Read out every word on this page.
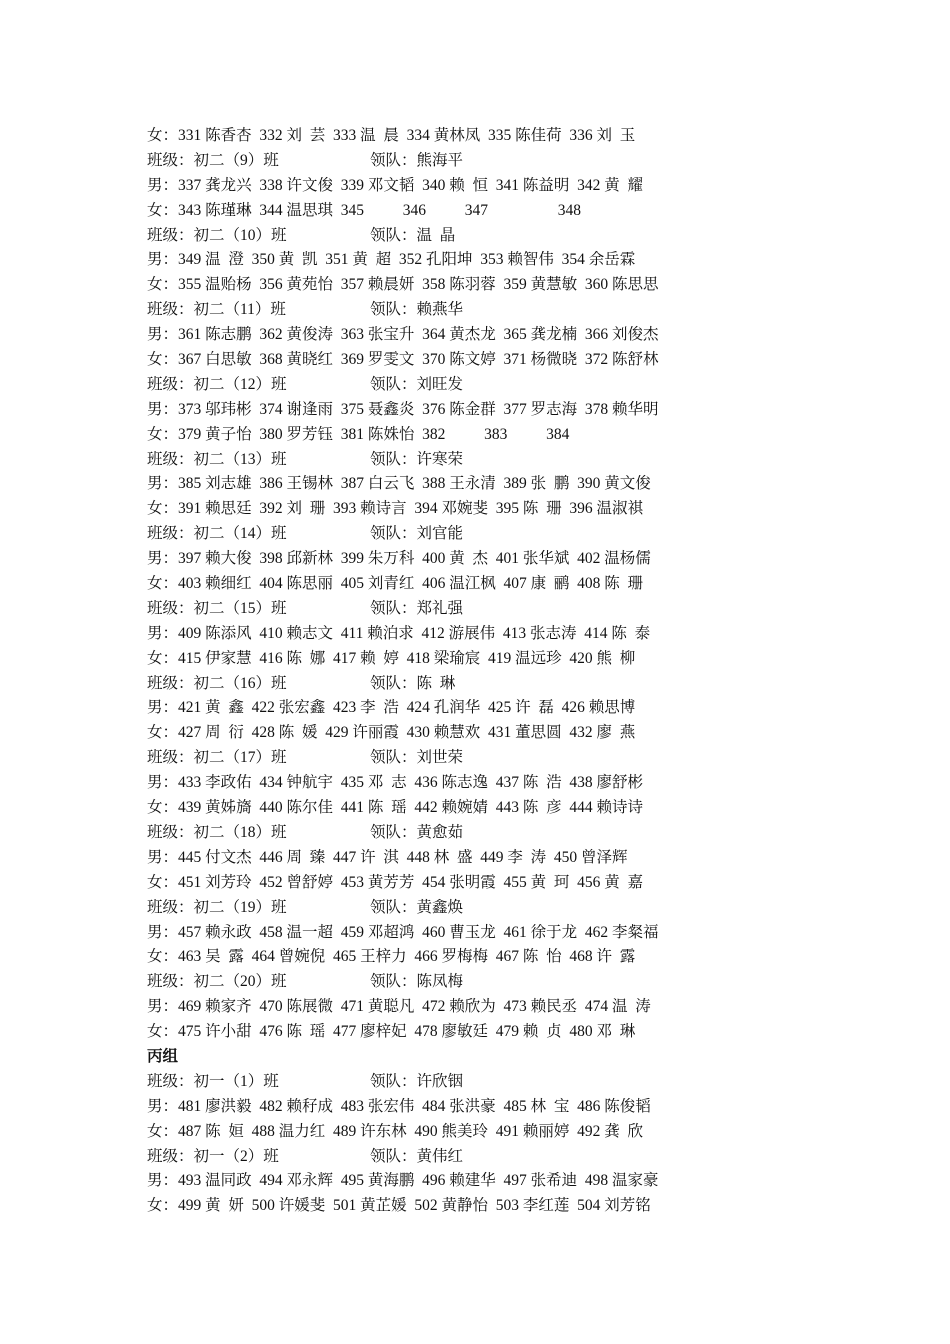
女：331 陈香杏  332 刘  芸  333 温  晨  334 黄林凤  335 陈佳荷  336 刘  玉
班级：初二（9）班	领队：熊海平
男：337 龚龙兴  338 许文俊  339 邓文韬  340 赖  恒  341 陈益明  342 黄  耀
女：343 陈瑾琳  344 温思琪  345          346          347                  348
班级：初二（10）班	领队：温  晶
男：349 温  澄  350 黄  凯  351 黄  超  352 孔阳坤  353 赖智伟  354 余岳霖
女：355 温贻杨  356 黄苑怡  357 赖晨妍  358 陈羽蓉  359 黄慧敏  360 陈思思
班级：初二（11）班	领队：赖燕华
男：361 陈志鹏  362 黄俊涛  363 张宝升  364 黄杰龙  365 龚龙楠  366 刘俊杰
女：367 白思敏  368 黄晓红  369 罗雯文  370 陈文婷  371 杨微晓  372 陈舒林
班级：初二（12）班	领队：刘旺发
男：373 邬玮彬  374 谢逢雨  375 聂鑫炎  376 陈金群  377 罗志海  378 赖华明
女：379 黄子怡  380 罗芳钰  381 陈姝怡  382          383          384
班级：初二（13）班	领队：许寒荣
男：385 刘志雄  386 王锡林  387 白云飞  388 王永清  389 张  鹏  390 黄文俊
女：391 赖思廷  392 刘  珊  393 赖诗言  394 邓婉斐  395 陈  珊  396 温淑祺
班级：初二（14）班	领队：刘官能
男：397 赖大俊  398 邱新林  399 朱万科  400 黄  杰  401 张华斌  402 温杨儒
女：403 赖细红  404 陈思丽  405 刘青红  406 温江枫  407 康  鹂  408 陈  珊
班级：初二（15）班	领队：郑礼强
男：409 陈添风  410 赖志文  411 赖泊求  412 游展伟  413 张志涛  414 陈  泰
女：415 伊家慧  416 陈  娜  417 赖  婷  418 梁瑜宸  419 温远珍  420 熊  柳
班级：初二（16）班	领队：陈  琳
男：421 黄  鑫  422 张宏鑫  423 李  浩  424 孔润华  425 许  磊  426 赖思博
女：427 周  衍  428 陈  媛  429 许丽霞  430 赖慧欢  431 董思圆  432 廖  燕
班级：初二（17）班	领队：刘世荣
男：433 李政佑  434 钟航宇  435 邓  志  436 陈志逸  437 陈  浩  438 廖舒彬
女：439 黄姊旖  440 陈尔佳  441 陈  瑶  442 赖婉婧  443 陈  彦  444 赖诗诗
班级：初二（18）班	领队：黄愈茹
男：445 付文杰  446 周  臻  447 许  淇  448 林  盛  449 李  涛  450 曾泽辉
女：451 刘芳玲  452 曾舒婷  453 黄芳芳  454 张明霞  455 黄  珂  456 黄  嘉
班级：初二（19）班	领队：黄鑫焕
男：457 赖永政  458 温一超  459 邓超鸿  460 曹玉龙  461 徐于龙  462 李粲福
女：463 吴  露  464 曾婉倪  465 王梓力  466 罗梅梅  467 陈  怡  468 许  露
班级：初二（20）班	领队：陈凤梅
男：469 赖家齐  470 陈展微  471 黄聪凡  472 赖欣为  473 赖民丞  474 温  涛
女：475 许小甜  476 陈  瑶  477 廖梓妃  478 廖敏廷  479 赖  贞  480 邓  琳
丙组
班级：初一（1）班	领队：许欣铟
男：481 廖洪毅  482 赖秄成  483 张宏伟  484 张洪豪  485 林  宝  486 陈俊韬
女：487 陈  姮  488 温力红  489 许东林  490 熊美玲  491 赖丽婷  492 龚  欣
班级：初一（2）班	领队：黄伟红
男：493 温同政  494 邓永辉  495 黄海鹏  496 赖建华  497 张希迪  498 温家豪
女：499 黄  妍  500 许媛斐  501 黄芷媛  502 黄静怡  503 李红莲  504 刘芳铭
